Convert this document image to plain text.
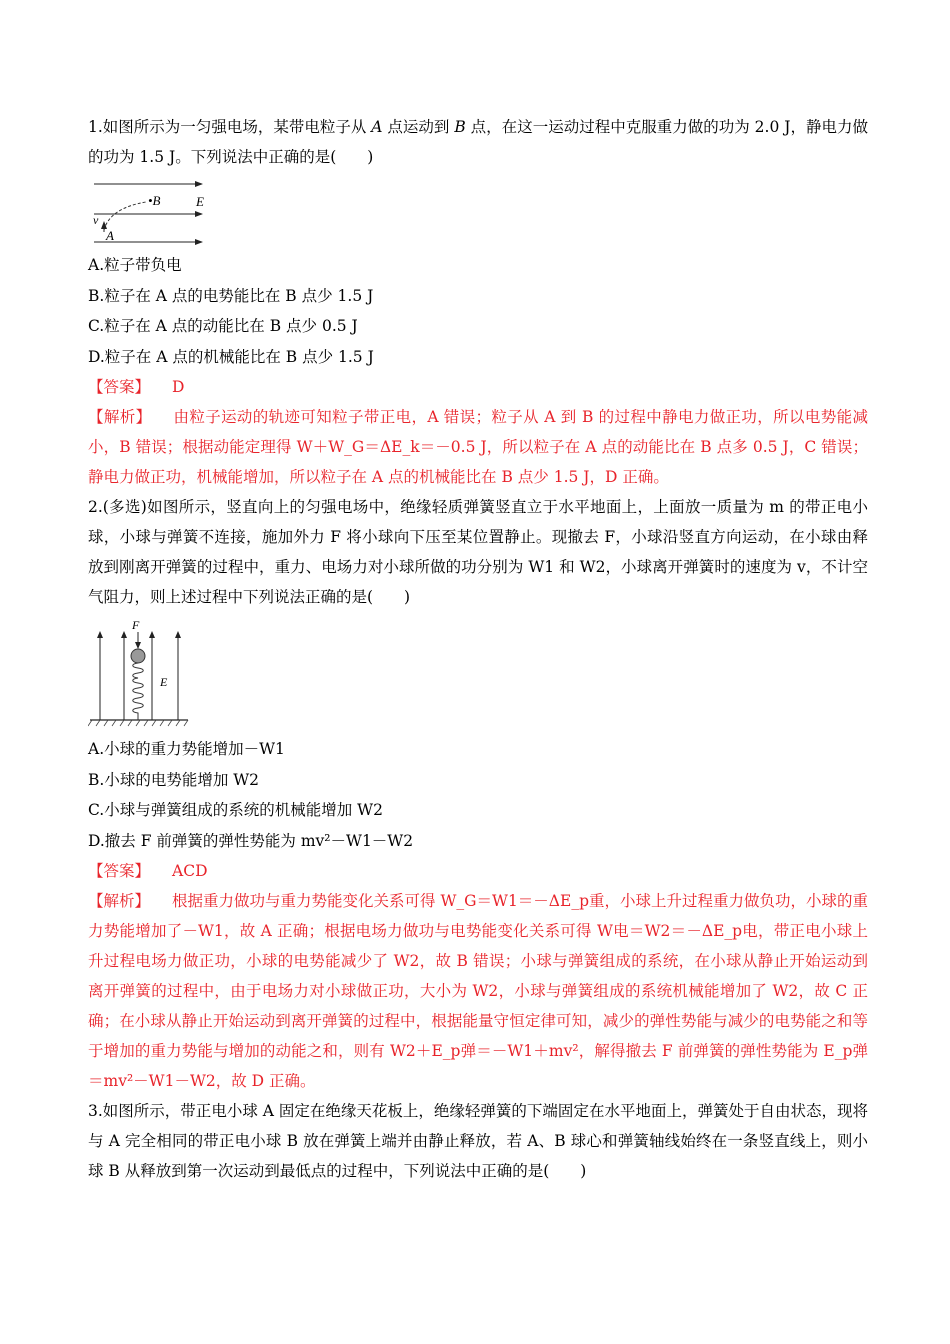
1.如图所示为一匀强电场，某带电粒子从 A 点运动到 B 点，在这一运动过程中克服重力做的功为 2.0 J，静电力做的功为 1.5 J。下列说法中正确的是(　　)

•B	E
v
A

A.粒子带负电

B.粒子在 A 点的电势能比在 B 点少 1.5 J

C.粒子在 A 点的动能比在 B 点少 0.5 J

D.粒子在 A 点的机械能比在 B 点少 1.5 J

【答案】 D

【解析】 由粒子运动的轨迹可知粒子带正电，A 错误；粒子从 A 到 B 的过程中静电力做正功，所以电势能减小，B 错误；根据动能定理得 W＋W_G＝ΔE_k＝－0.5 J，所以粒子在 A 点的动能比在 B 点多 0.5 J，C 错误；静电力做正功，机械能增加，所以粒子在 A 点的机械能比在 B 点少 1.5 J，D 正确。

2.(多选)如图所示，竖直向上的匀强电场中，绝缘轻质弹簧竖直立于水平地面上，上面放一质量为 m 的带正电小球，小球与弹簧不连接，施加外力 F 将小球向下压至某位置静止。现撤去 F，小球沿竖直方向运动，在小球由释放到刚离开弹簧的过程中，重力、电场力对小球所做的功分别为 W1 和 W2，小球离开弹簧时的速度为 v，不计空气阻力，则上述过程中下列说法正确的是(　　)

F
E

A.小球的重力势能增加－W1

B.小球的电势能增加 W2

C.小球与弹簧组成的系统的机械能增加 W2

D.撤去 F 前弹簧的弹性势能为 mv²－W1－W2

【答案】 ACD

【解析】 根据重力做功与重力势能变化关系可得 W_G＝W1＝－ΔE_p重，小球上升过程重力做负功，小球的重力势能增加了－W1，故 A 正确；根据电场力做功与电势能变化关系可得 W电＝W2＝－ΔE_p电，带正电小球上升过程电场力做正功，小球的电势能减少了 W2，故 B 错误；小球与弹簧组成的系统，在小球从静止开始运动到离开弹簧的过程中，由于电场力对小球做正功，大小为 W2，小球与弹簧组成的系统机械能增加了 W2，故 C 正确；在小球从静止开始运动到离开弹簧的过程中，根据能量守恒定律可知，减少的弹性势能与减少的电势能之和等于增加的重力势能与增加的动能之和，则有 W2＋E_p弹＝－W1＋mv²，解得撤去 F 前弹簧的弹性势能为 E_p弹＝mv²－W1－W2，故 D 正确。

3.如图所示，带正电小球 A 固定在绝缘天花板上，绝缘轻弹簧的下端固定在水平地面上，弹簧处于自由状态，现将与 A 完全相同的带正电小球 B 放在弹簧上端并由静止释放，若 A、B 球心和弹簧轴线始终在一条竖直线上，则小球 B 从释放到第一次运动到最低点的过程中，下列说法中正确的是(　　)
